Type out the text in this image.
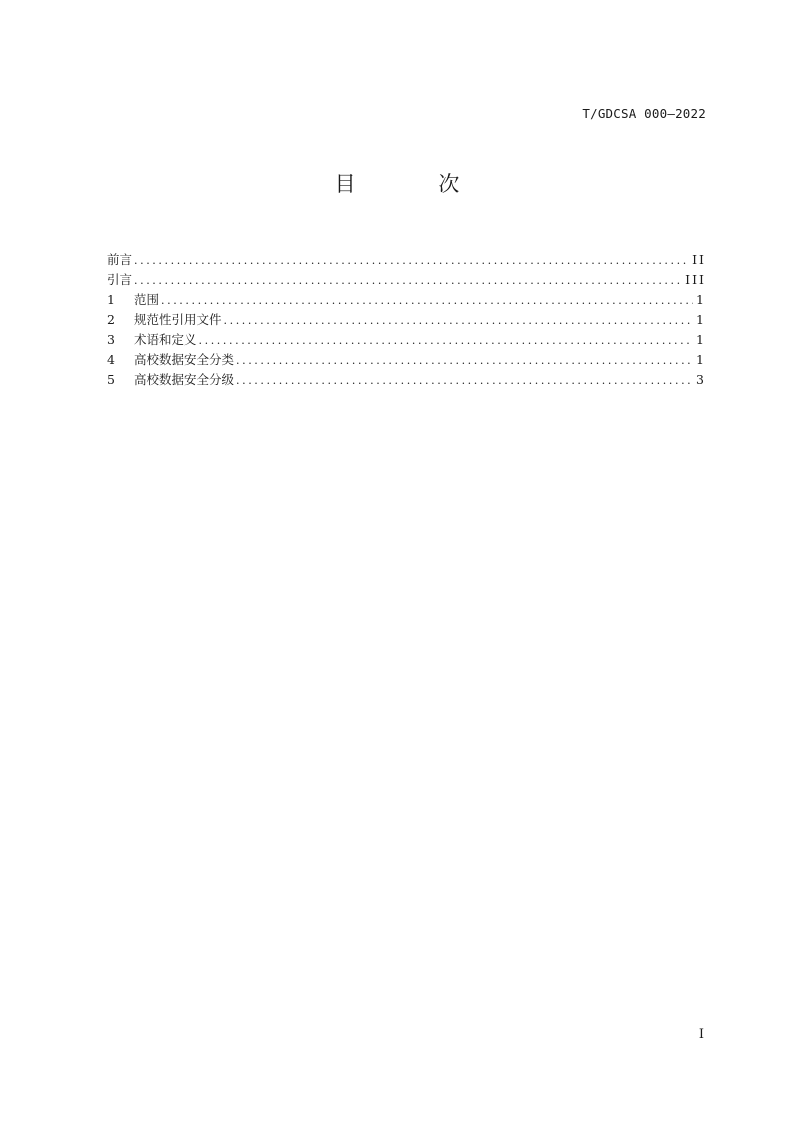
T/GDCSA 000—2022
目 次
前言 .....	II
引言 .....	III
1	范围 .....	1
2	规范性引用文件 .....	1
3	术语和定义 .....	1
4	高校数据安全分类 .....	1
5	高校数据安全分级 .....	3
I
